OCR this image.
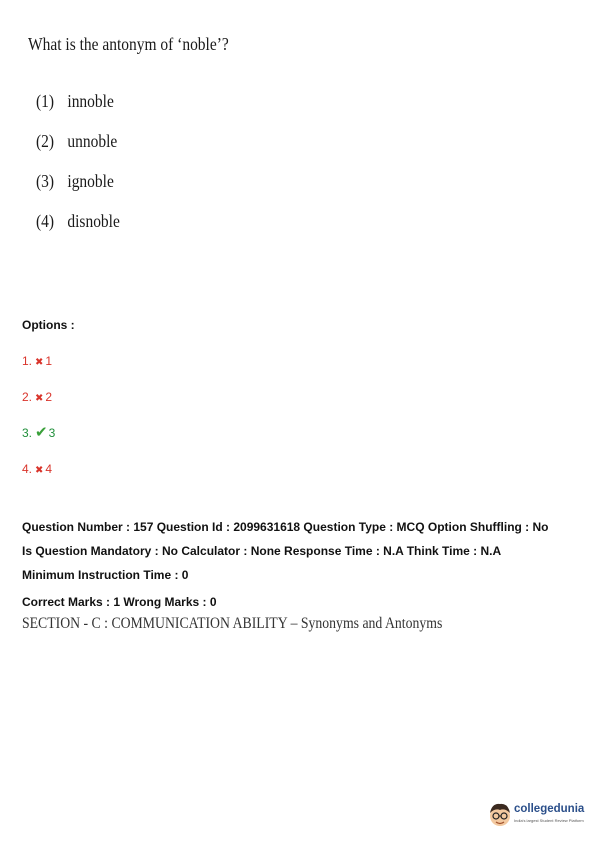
What is the antonym of ‘noble’?
(1) innoble
(2) unnoble
(3) ignoble
(4) disnoble
Options :
1. ✖ 1
2. ✖ 2
3. ✔3
4. ✖ 4
Question Number : 157 Question Id : 2099631618 Question Type : MCQ Option Shuffling : No
Is Question Mandatory : No Calculator : None Response Time : N.A Think Time : N.A
Minimum Instruction Time : 0
Correct Marks : 1 Wrong Marks : 0
SECTION - C : COMMUNICATION ABILITY – Synonyms and Antonyms
collegedunia
India's largest Student Review Platform
